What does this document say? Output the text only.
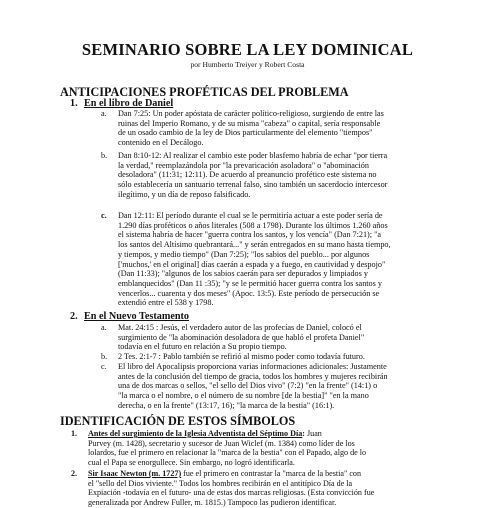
SEMINARIO SOBRE LA LEY DOMINICAL
por Humberto Treiyer y Robert Costa
ANTICIPACIONES PROFÉTICAS DEL PROBLEMA
1. En el libro de Daniel
a. Dan 7:25: Un poder apóstata de carácter político-religioso, surgiendo de entre las
ruinas del Imperio Romano, y de su misma "cabeza" o capital, sería responsable
de un osado cambio de la ley de Dios particularmente del elemento "tiempos"
contenido en el Decálogo.
b. Dan 8:10-12: Al realizar el cambio este poder blasfemo habría de echar "por tierra
la verdad," reemplazándola por "la prevaricación asoladora" o "abominación
desoladora" (11:31; 12:11). De acuerdo al preanuncio profético este sistema no
sólo establecería un santuario terrenal falso, sino también un sacerdocio intercesor
ilegítimo, y un día de reposo falsificado.
c. Dan 12:11: El período durante el cual se le permitiría actuar a este poder sería de
1.290 días proféticos o años literales (508 a 1798). Durante los últimos 1.260 años
el sistema habría de hacer "guerra contra los santos, y los vencía" (Dan 7:21); "a
los santos del Altísimo quebrantará..." y serán entregados en su mano hasta tiempo,
y tiempos, y medio tiempo" (Dan 7:25); "los sabios del pueblo... por algunos
['muchos,' en el original] días caerán a espada y a fuego, en cautividad y despojo"
(Dan 11:33); "algunos de los sabios caerán para ser depurados y limpiados y
emblanquecidos" (Dan 11 :35); "y se le permitió hacer guerra contra los santos y
vencerlos... cuarenta y dos meses" (Apoc. 13:5). Este período de persecución se
extendió entre el 538 y 1798.
2. En el Nuevo Testamento
a. Mat. 24:15 : Jesús, el verdadero autor de las profecías de Daniel, colocó el
surgimiento de "la abominación desoladora de que habló el profeta Daniel"
todavía en el futuro en relación a Su propio tiempo.
b. 2 Tes. 2:1-7 : Pablo también se refirió al mismo poder como todavía futuro.
c. El libro del Apocalipsis proporciona varias informaciones adicionales: Justamente
antes de la conclusión del tiempo de gracia, todos los hombres y mujeres recibirán
una de dos marcas o sellos, "el sello del Dios vivo" (7:2) "en la frente" (14:1) o
"la marca o el nombre, o el número de su nombre [de la bestia]" "en la mano
derecha, o en la frente" (13:17, 16); "la marca de la bestia" (16:1).
IDENTIFICACIÓN DE ESTOS SÍMBOLOS
1. Antes del surgimiento de la Iglesia Adventista del Séptimo Día: Juan
Purvey (m. 1428), secretario y sucesor de Juan Wiclef (m. 1384) como líder de los
lolardos, fue el primero en relacionar la "marca de la bestia" con el Papado, algo de lo
cual el Papa se enorgullece. Sin embargo, no logró identificarla.
2. Sir Isaac Newton (m. 1727) fue el primero en contrastar la "marca de la bestia" con
el "sello del Dios viviente." Todos los hombres recibirán en el antitípico Día de la
Expiación -todavía en el futuro- una de estas dos marcas religiosas. (Esta convicción fue
generalizada por Andrew Fuller, m. 1815.) Tampoco las pudieron identificar.
